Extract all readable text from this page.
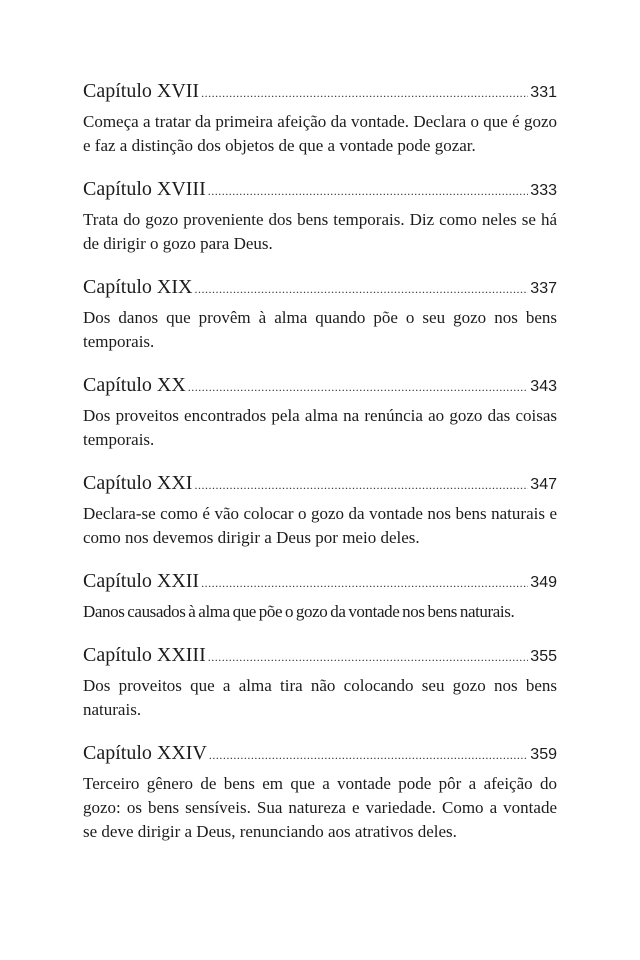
Capítulo XVII .....	331

Começa a tratar da primeira afeição da vontade. Declara o que é gozo e faz a distinção dos objetos de que a vontade pode gozar.

Capítulo XVIII .....	333

Trata do gozo proveniente dos bens temporais. Diz como neles se há de dirigir o gozo para Deus.

Capítulo XIX .....	337

Dos danos que provêm à alma quando põe o seu gozo nos bens temporais.

Capítulo XX .....	343

Dos proveitos encontrados pela alma na renúncia ao gozo das coisas temporais.

Capítulo XXI .....	347

Declara-se como é vão colocar o gozo da vontade nos bens naturais e como nos devemos dirigir a Deus por meio deles.

Capítulo XXII .....	349

Danos causados à alma que põe o gozo da vontade nos bens naturais.

Capítulo XXIII .....	355

Dos proveitos que a alma tira não colocando seu gozo nos bens naturais.

Capítulo XXIV .....	359

Terceiro gênero de bens em que a vontade pode pôr a afeição do gozo: os bens sensíveis. Sua natureza e variedade. Como a vontade se deve dirigir a Deus, renunciando aos atrativos deles.
